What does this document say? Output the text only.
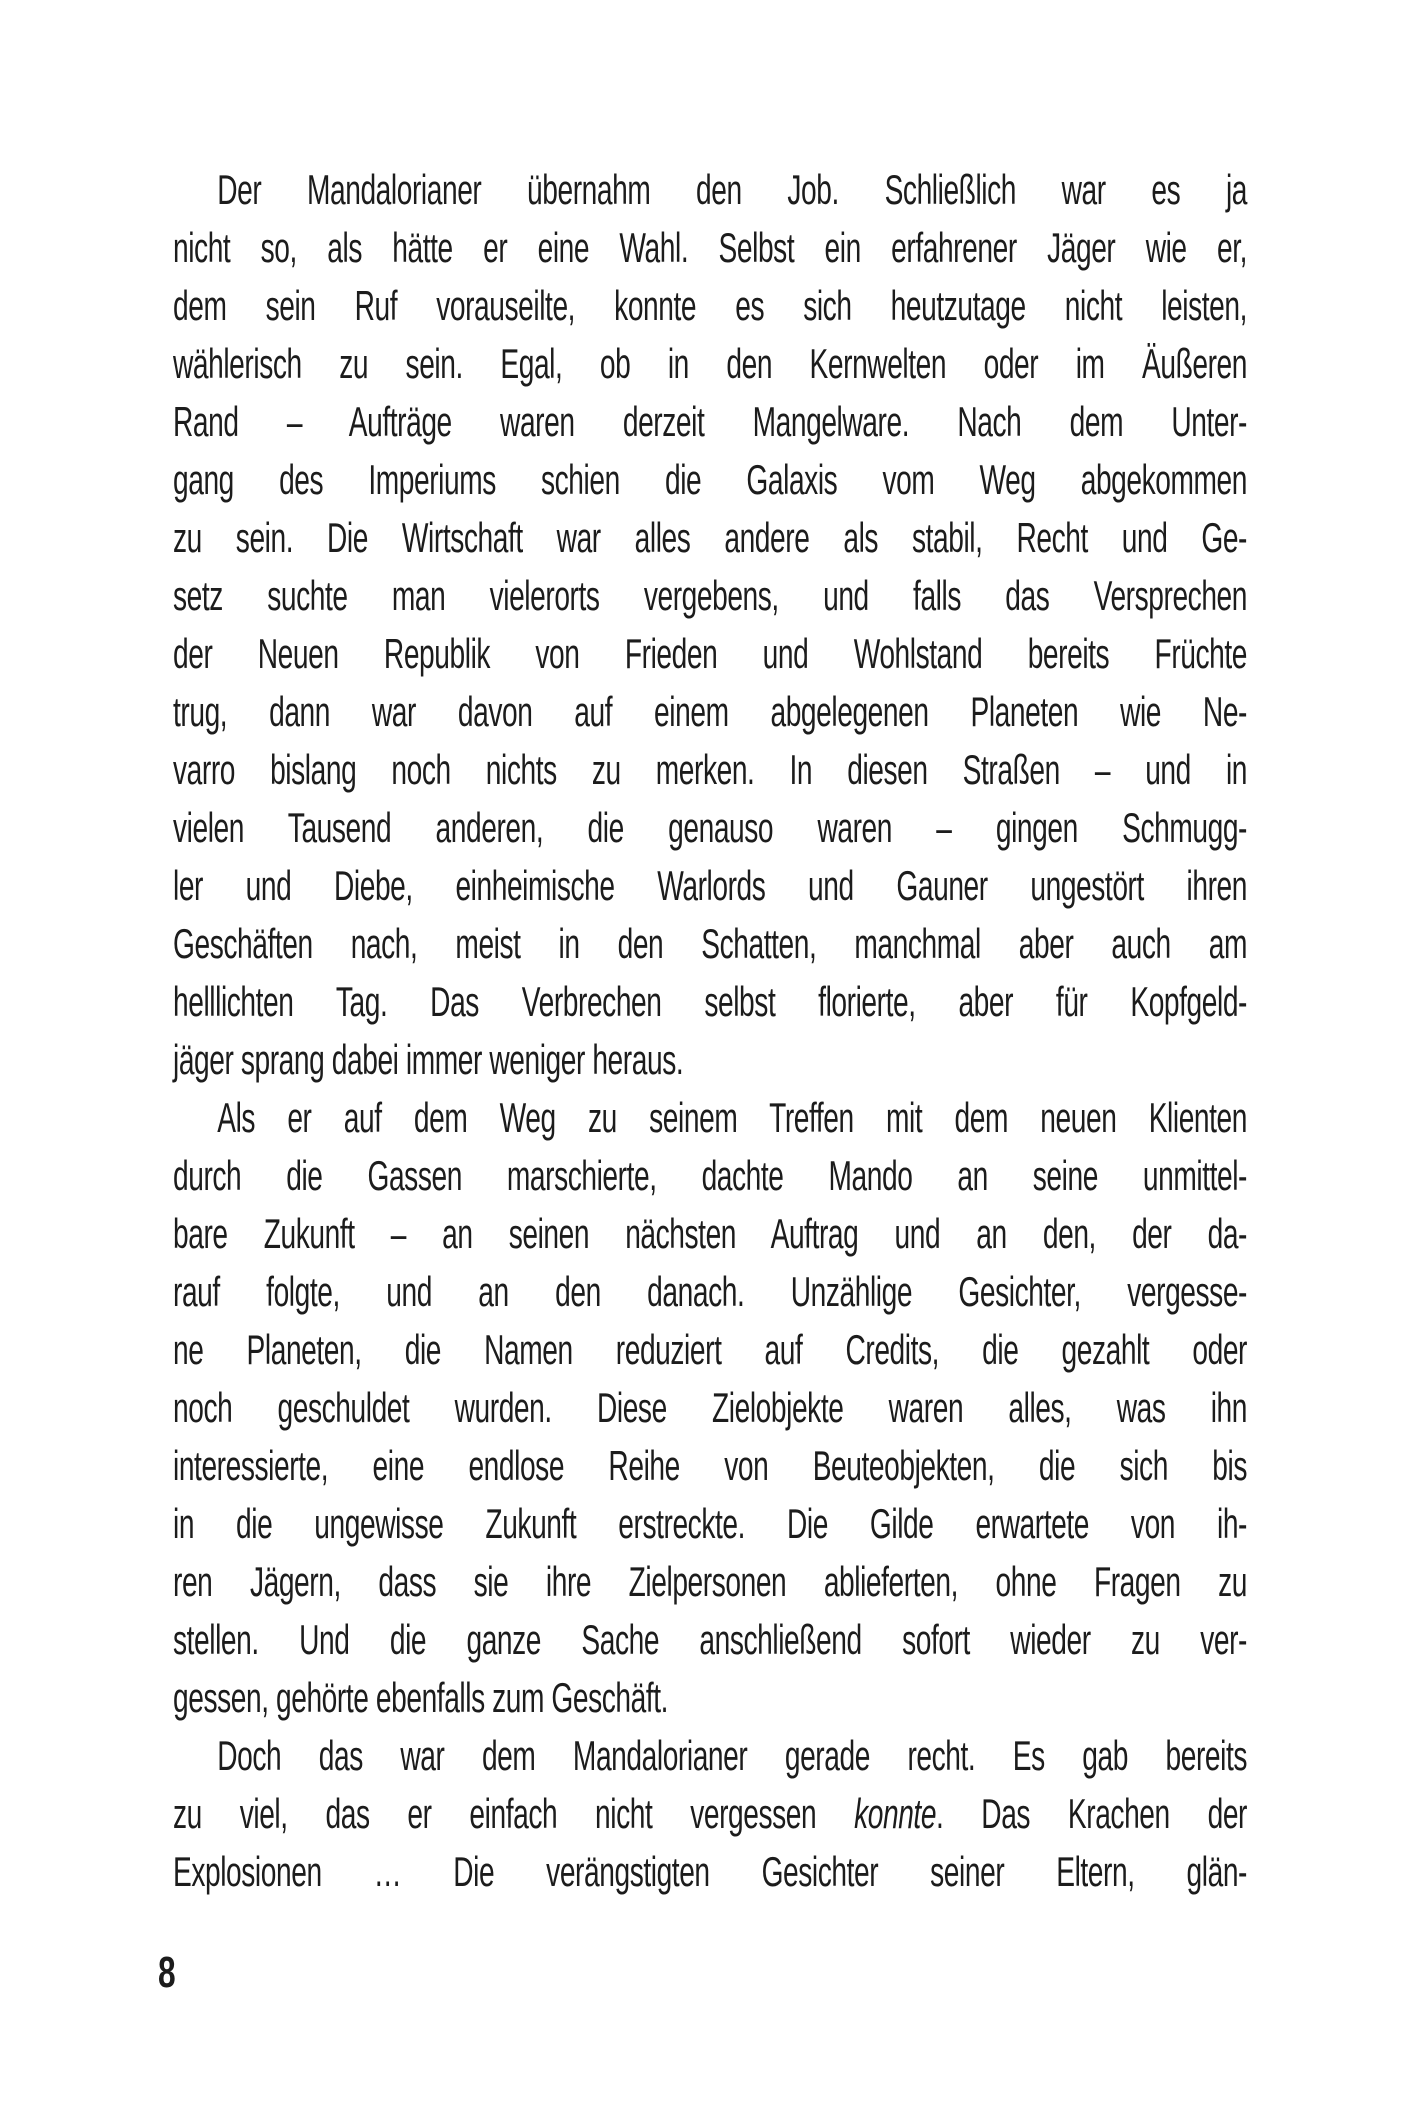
Der Mandalorianer übernahm den Job. Schließlich war es ja
nicht so, als hätte er eine Wahl. Selbst ein erfahrener Jäger wie er,
dem sein Ruf vorauseilte, konnte es sich heutzutage nicht leisten,
wählerisch zu sein. Egal, ob in den Kernwelten oder im Äußeren
Rand – Aufträge waren derzeit Mangelware. Nach dem Unter-
gang des Imperiums schien die Galaxis vom Weg abgekommen
zu sein. Die Wirtschaft war alles andere als stabil, Recht und Ge-
setz suchte man vielerorts vergebens, und falls das Versprechen
der Neuen Republik von Frieden und Wohlstand bereits Früchte
trug, dann war davon auf einem abgelegenen Planeten wie Ne-
varro bislang noch nichts zu merken. In diesen Straßen – und in
vielen Tausend anderen, die genauso waren – gingen Schmugg-
ler und Diebe, einheimische Warlords und Gauner ungestört ihren
Geschäften nach, meist in den Schatten, manchmal aber auch am
helllichten Tag. Das Verbrechen selbst florierte, aber für Kopfgeld-
jäger sprang dabei immer weniger heraus.
Als er auf dem Weg zu seinem Treffen mit dem neuen Klienten
durch die Gassen marschierte, dachte Mando an seine unmittel-
bare Zukunft – an seinen nächsten Auftrag und an den, der da-
rauf folgte, und an den danach. Unzählige Gesichter, vergesse-
ne Planeten, die Namen reduziert auf Credits, die gezahlt oder
noch geschuldet wurden. Diese Zielobjekte waren alles, was ihn
interessierte, eine endlose Reihe von Beuteobjekten, die sich bis
in die ungewisse Zukunft erstreckte. Die Gilde erwartete von ih-
ren Jägern, dass sie ihre Zielpersonen ablieferten, ohne Fragen zu
stellen. Und die ganze Sache anschließend sofort wieder zu ver-
gessen, gehörte ebenfalls zum Geschäft.
Doch das war dem Mandalorianer gerade recht. Es gab bereits
zu viel, das er einfach nicht vergessen konnte. Das Krachen der
Explosionen … Die verängstigten Gesichter seiner Eltern, glän-
8
